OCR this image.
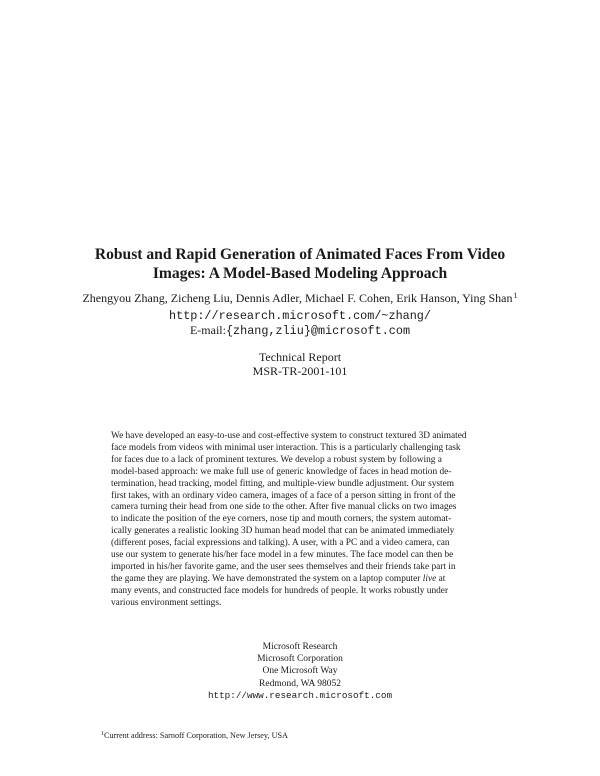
Robust and Rapid Generation of Animated Faces From Video
Images: A Model-Based Modeling Approach
Zhengyou Zhang, Zicheng Liu, Dennis Adler, Michael F. Cohen, Erik Hanson, Ying Shan$^1$
http://research.microsoft.com/~zhang/
E-mail:{zhang,zliu}@microsoft.com
Technical Report
MSR-TR-2001-101
We have developed an easy-to-use and cost-effective system to construct textured 3D animated
face models from videos with minimal user interaction. This is a particularly challenging task
for faces due to a lack of prominent textures. We develop a robust system by following a
model-based approach: we make full use of generic knowledge of faces in head motion de-
termination, head tracking, model fitting, and multiple-view bundle adjustment. Our system
first takes, with an ordinary video camera, images of a face of a person sitting in front of the
camera turning their head from one side to the other. After five manual clicks on two images
to indicate the position of the eye corners, nose tip and mouth corners, the system automat-
ically generates a realistic looking 3D human head model that can be animated immediately
(different poses, facial expressions and talking). A user, with a PC and a video camera, can
use our system to generate his/her face model in a few minutes. The face model can then be
imported in his/her favorite game, and the user sees themselves and their friends take part in
the game they are playing. We have demonstrated the system on a laptop computer live at
many events, and constructed face models for hundreds of people. It works robustly under
various environment settings.
Microsoft Research
Microsoft Corporation
One Microsoft Way
Redmond, WA 98052
http://www.research.microsoft.com
$^1$Current address: Sarnoff Corporation, New Jersey, USA
